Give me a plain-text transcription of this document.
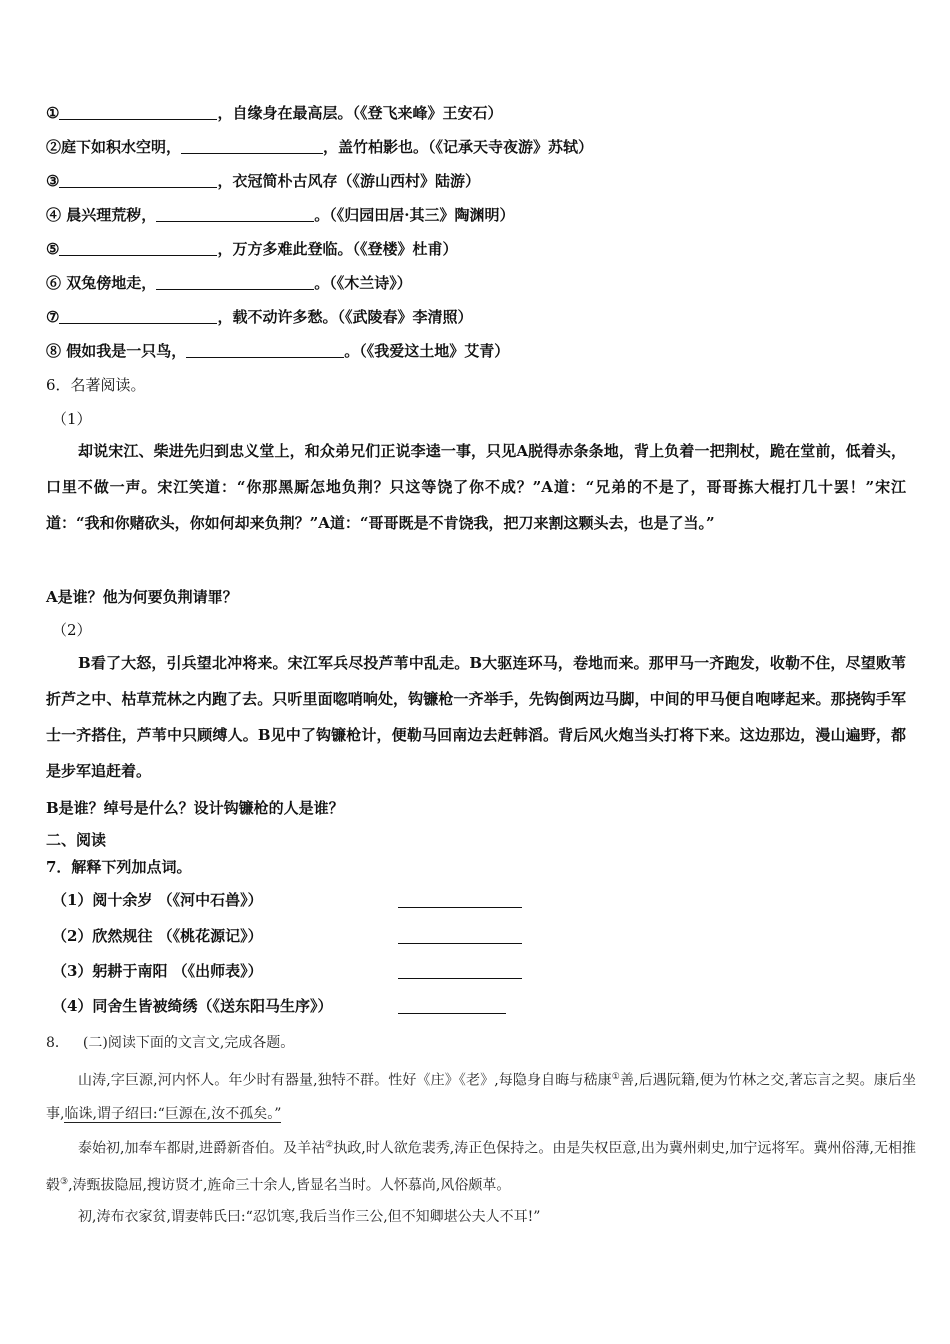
①	，自缘身在最高层。（《登飞来峰》王安石）
②庭下如积水空明，	，盖竹柏影也。（《记承天寺夜游》苏轼）
③	，衣冠简朴古风存（《游山西村》陆游）
④ 晨兴理荒秽，	。（《归园田居·其三》陶渊明）
⑤	，万方多难此登临。（《登楼》杜甫）
⑥ 双兔傍地走，	。（《木兰诗》）
⑦	，载不动许多愁。（《武陵春》李清照）
⑧ 假如我是一只鸟，	。（《我爱这土地》艾青）
6．名著阅读。
（1）
却说宋江、柴进先归到忠义堂上，和众弟兄们正说李逵一事，只见A脱得赤条条地，背上负着一把荆杖，跪在堂前，低着头，口里不做一声。宋江笑道：“你那黑厮怎地负荆？只这等饶了你不成？”A道：“兄弟的不是了，哥哥拣大棍打几十罢！”宋江道：“我和你赌砍头，你如何却来负荆？”A道：“哥哥既是不肯饶我，把刀来割这颗头去，也是了当。”
A是谁？他为何要负荆请罪？
（2）
B看了大怒，引兵望北冲将来。宋江军兵尽投芦苇中乱走。B大驱连环马，卷地而来。那甲马一齐跑发，收勒不住，尽望败苇折芦之中、枯草荒林之内跑了去。只听里面唿哨响处，钩镰枪一齐举手，先钩倒两边马脚，中间的甲马便自咆哮起来。那挠钩手军士一齐搭住，芦苇中只顾缚人。B见中了钩镰枪计，便勒马回南边去赶韩滔。背后风火炮当头打将下来。这边那边，漫山遍野，都是步军追赶着。
B是谁？绰号是什么？设计钩镰枪的人是谁？
二、阅读
7．解释下列加点词。
（1）阅十余岁 （《河中石兽》）
（2）欣然规往 （《桃花源记》）
（3）躬耕于南阳 （《出师表》）
（4）同舍生皆被绮绣（《送东阳马生序》）
8． (二)阅读下面的文言文,完成各题。
山涛,字巨源,河内怀人。年少时有器量,独特不群。性好《庄》《老》,每隐身自晦与嵇康①善,后遇阮籍,便为竹林之交,著忘言之契。康后坐事,临诛,谓子绍曰:“巨源在,汝不孤矣。”
泰始初,加奉车都尉,进爵新沓伯。及羊祜②执政,时人欲危裴秀,涛正色保持之。由是失权臣意,出为冀州刺史,加宁远将军。冀州俗薄,无相推毂③,涛甄拔隐屈,搜访贤才,旌命三十余人,皆显名当时。人怀慕尚,风俗颇革。
初,涛布衣家贫,谓妻韩氏曰:“忍饥寒,我后当作三公,但不知卿堪公夫人不耳!”
